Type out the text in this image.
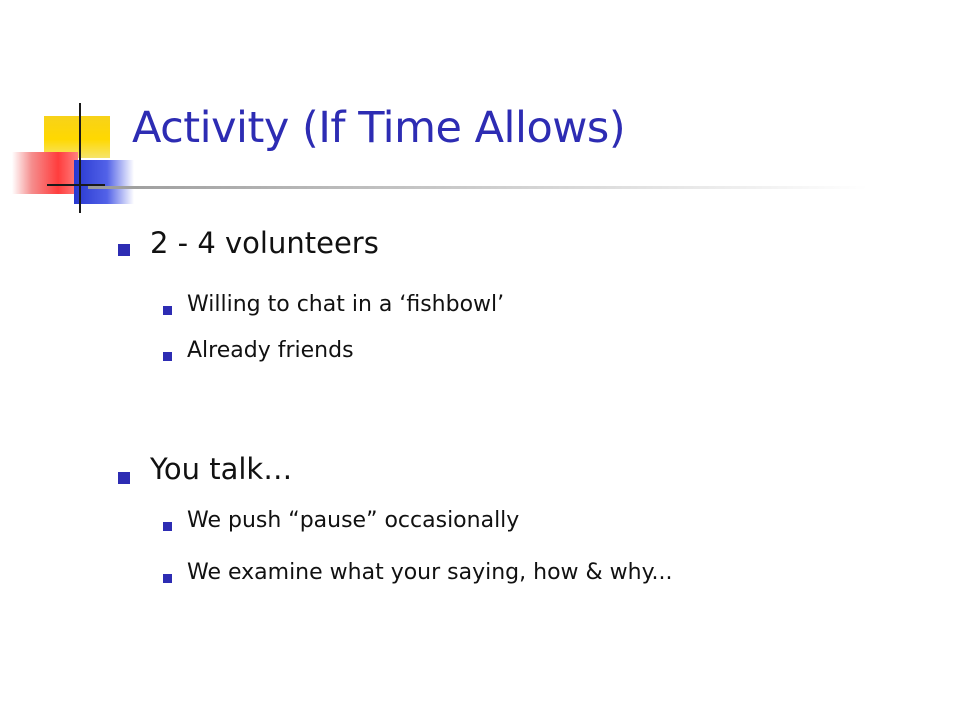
Activity (If Time Allows)
2 - 4 volunteers
Willing to chat in a ‘fishbowl’
Already friends
You talk…
We push “pause” occasionally
We examine what your saying, how & why...
